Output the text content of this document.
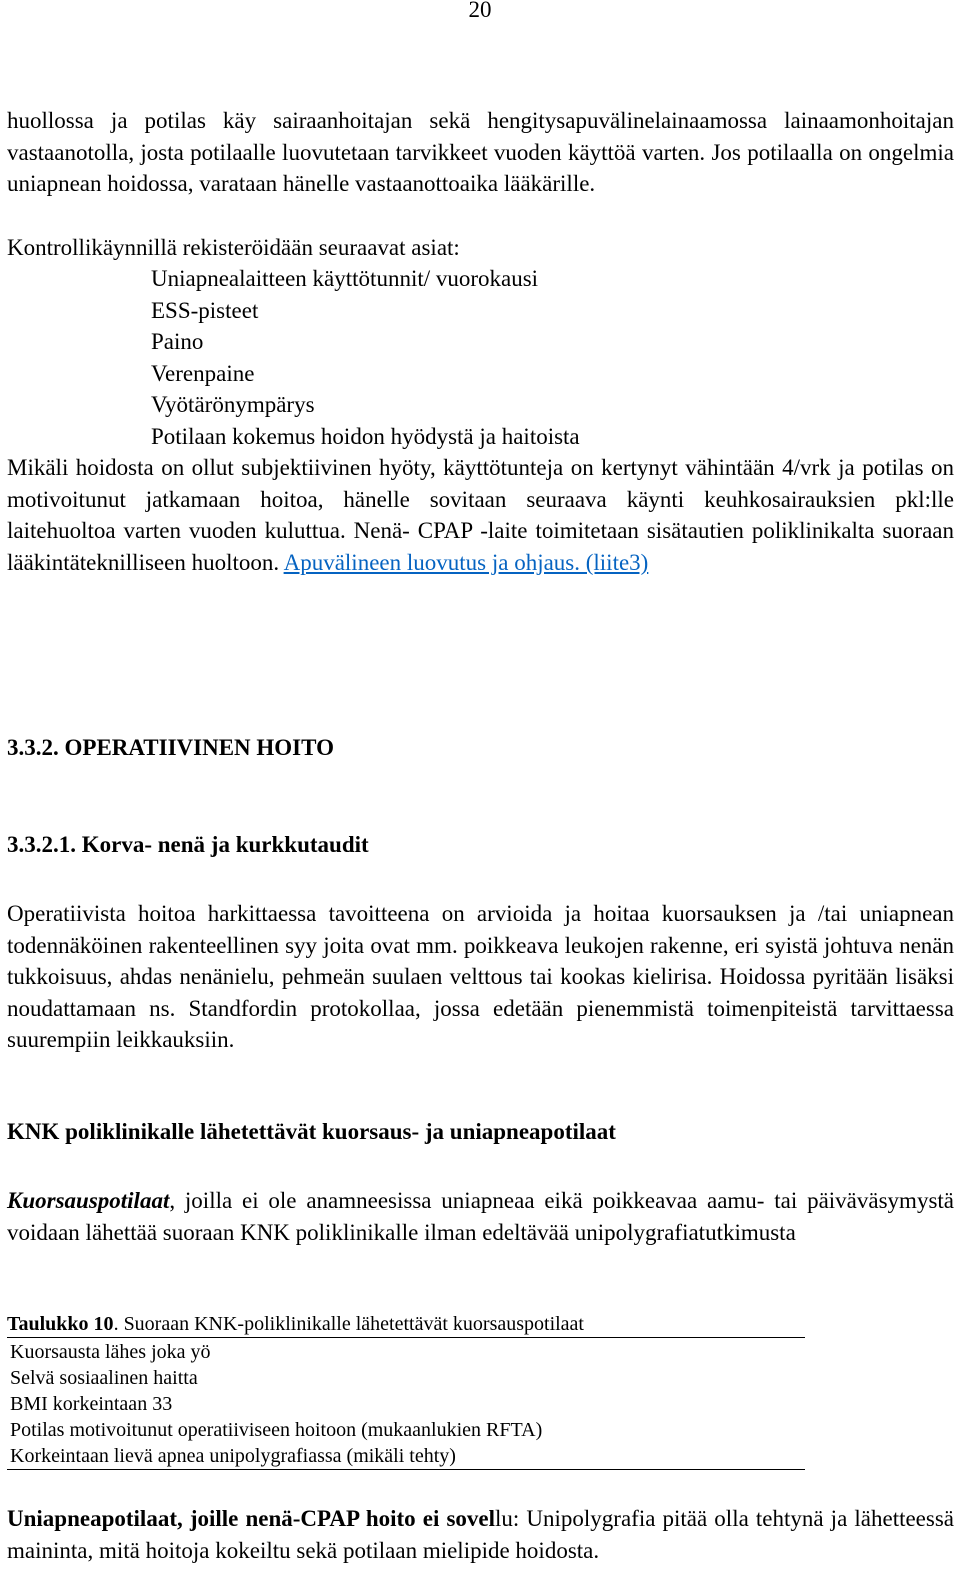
20
huollossa ja potilas käy sairaanhoitajan sekä hengitysapuvälinelainaamossa lainaamonhoitajan vastaanotolla, josta potilaalle luovutetaan tarvikkeet vuoden käyttöä varten. Jos potilaalla on ongelmia uniapnean hoidossa, varataan hänelle vastaanottoaika lääkärille.
Kontrollikäynnillä rekisteröidään seuraavat asiat:
Uniapnealaitteen käyttötunnit/ vuorokausi
ESS-pisteet
Paino
Verenpaine
Vyötärönympärys
Potilaan kokemus hoidon hyödystä ja haitoista
Mikäli hoidosta on ollut subjektiivinen hyöty, käyttötunteja on kertynyt vähintään 4/vrk ja potilas on motivoitunut jatkamaan hoitoa, hänelle sovitaan seuraava käynti keuhkosairauksien pkl:lle laitehuoltoa varten vuoden kuluttua. Nenä- CPAP -laite toimitetaan sisätautien poliklinikalta suoraan lääkintäteknilliseen huoltoon. Apuvälineen luovutus ja ohjaus. (liite3)
3.3.2. OPERATIIVINEN HOITO
3.3.2.1. Korva- nenä ja kurkkutaudit
Operatiivista hoitoa harkittaessa tavoitteena on arvioida ja hoitaa kuorsauksen ja /tai uniapnean todennäköinen rakenteellinen syy joita ovat mm. poikkeava leukojen rakenne, eri syistä johtuva nenän tukkoisuus, ahdas nenänielu, pehmeän suulaen velttous tai kookas kielirisa. Hoidossa pyritään lisäksi noudattamaan ns. Standfordin protokollaa, jossa edetään pienemmistä toimenpiteistä tarvittaessa suurempiin leikkauksiin.
KNK poliklinikalle lähetettävät kuorsaus- ja uniapneapotilaat
Kuorsauspotilaat, joilla ei ole anamneesissa uniapneaa eikä poikkeavaa aamu- tai päiväväsymystä voidaan lähettää suoraan KNK poliklinikalle ilman edeltävää unipolygrafiatutkimusta
Taulukko 10. Suoraan KNK-poliklinikalle lähetettävät kuorsauspotilaat
Kuorsausta lähes joka yö
Selvä sosiaalinen haitta
BMI korkeintaan 33
Potilas motivoitunut operatiiviseen hoitoon (mukaanlukien RFTA)
Korkeintaan lievä apnea unipolygrafiassa (mikäli tehty)
Uniapneapotilaat, joille nenä-CPAP hoito ei sovellu: Unipolygrafia pitää olla tehtynä ja lähetteessä maininta, mitä hoitoja kokeiltu sekä potilaan mielipide hoidosta.
